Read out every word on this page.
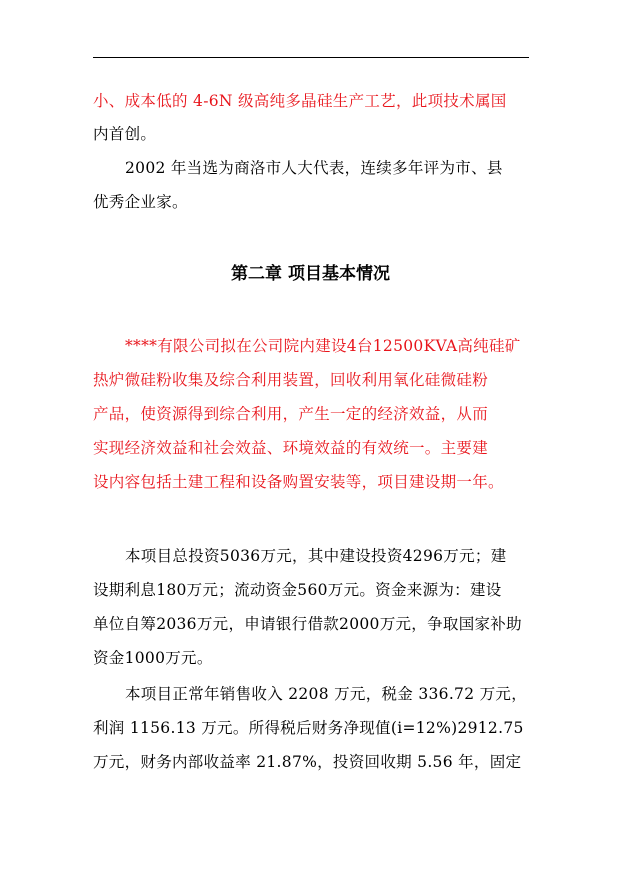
小、成本低的 4-6N 级高纯多晶硅生产工艺，此项技术属国
内首创。
2002 年当选为商洛市人大代表，连续多年评为市、县
优秀企业家。
第二章 项目基本情况
****有限公司拟在公司院内建设4台12500KVA高纯硅矿
热炉微硅粉收集及综合利用装置，回收利用氧化硅微硅粉
产品，使资源得到综合利用，产生一定的经济效益，从而
实现经济效益和社会效益、环境效益的有效统一。主要建
设内容包括土建工程和设备购置安装等，项目建设期一年。
本项目总投资5036万元，其中建设投资4296万元；建
设期利息180万元；流动资金560万元。资金来源为：建设
单位自筹2036万元，申请银行借款2000万元，争取国家补助
资金1000万元。
本项目正常年销售收入 2208 万元，税金 336.72 万元，
利润 1156.13 万元。所得税后财务净现值(i=12%)2912.75
万元，财务内部收益率 21.87%，投资回收期 5.56 年，固定
